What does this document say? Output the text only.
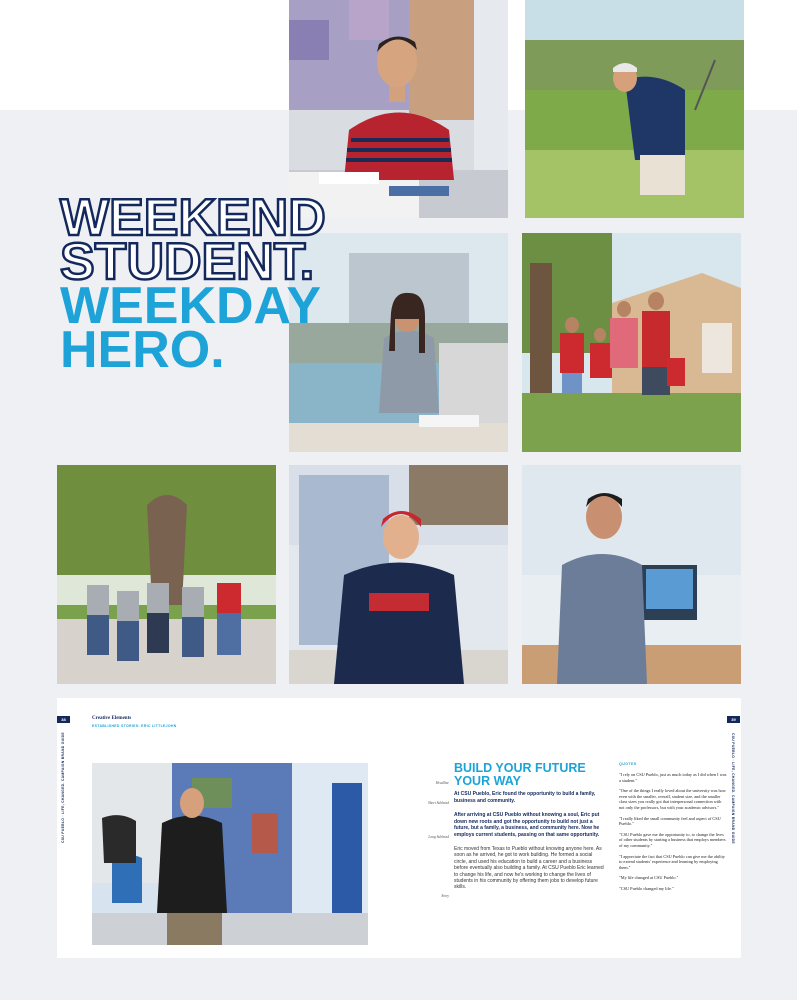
WEEKEND
STUDENT.
WEEKDAY
HERO.
38	39
CSU PUEBLO · LIFE, CHANGED. CAMPAIGN BRAND GUIDE	CSU PUEBLO · LIFE, CHANGED. CAMPAIGN BRAND GUIDE
Creative Elements
ESTABLISHED STORIES: ERIC LITTLEJOHN
Headline
Short Subhead
Long Subhead
Story
BUILD YOUR FUTURE YOUR WAY
At CSU Pueblo, Eric found the opportunity to build a family, business and community.
After arriving at CSU Pueblo without knowing a soul, Eric put down new roots and got the opportunity to build not just a future, but a family, a business, and community here. Now he employs current students, passing on that same opportunity.
Eric moved from Texas to Pueblo without knowing anyone here. As soon as he arrived, he got to work building. He formed a social circle, and used his education to build a career and a business before eventually also building a family. At CSU Pueblo Eric learned to change his life, and now he's working to change the lives of students in his community by offering them jobs to develop future skills.
QUOTES

"I rely on CSU Pueblo, just as much today as I did when I was a student."

"One of the things I really loved about the university was how even with the smaller, overall, student size, and the smaller class sizes you really got that interpersonal connection with not only the professors, but with your academic advisors."

"I really liked the small community feel and aspect of CSU Pueblo."

"CSU Pueblo gave me the opportunity to, to change the lives of other students by starting a business that employs members of my community."

"I appreciate the fact that CSU Pueblo can give me the ability to extend students' experience and learning by employing them."

"My life changed at CSU Pueblo."

"CSU Pueblo changed my life."
